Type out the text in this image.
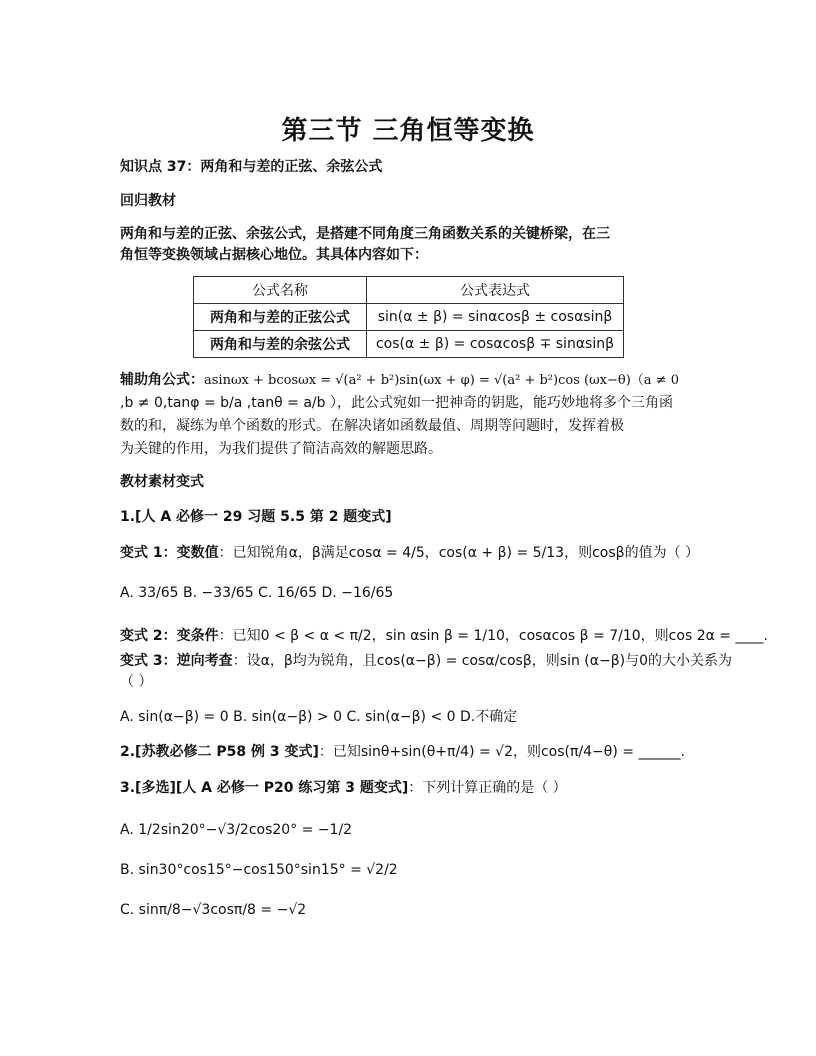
第三节 三角恒等变换
知识点 37：两角和与差的正弦、余弦公式
回归教材
两角和与差的正弦、余弦公式，是搭建不同角度三角函数关系的关键桥梁，在三
角恒等变换领域占据核心地位。其具体内容如下：
公式名称	公式表达式
两角和与差的正弦公式	sin(α ± β) = sinαcosβ ± cosαsinβ
两角和与差的余弦公式	cos(α ± β) = cosαcosβ ∓ sinαsinβ
辅助角公式：asinωx + bcosωx = √(a² + b²)sin(ωx + φ) = √(a² + b²)cos (ωx−θ)（a ≠ 0
,b ≠ 0,tanφ = b/a ,tanθ = a/b ），此公式宛如一把神奇的钥匙，能巧妙地将多个三角函
数的和，凝练为单个函数的形式。在解决诸如函数最值、周期等问题时，发挥着极
为关键的作用，为我们提供了简洁高效的解题思路。
教材素材变式
1.[人 A 必修一 29 习题 5.5 第 2 题变式]
变式 1：变数值：已知锐角α，β满足cosα = 4/5，cos(α + β) = 5/13，则cosβ的值为（ ）
A. 33/65 B. −33/65 C. 16/65 D. −16/65
变式 2：变条件：已知0 < β < α < π/2，sin αsin β = 1/10，cosαcos β = 7/10，则cos 2α = ____.
变式 3：逆向考查：设α，β均为锐角，且cos(α−β) = cosα/cosβ，则sin (α−β)与0的大小关系为
（ ）
A. sin(α−β) = 0 B. sin(α−β) > 0 C. sin(α−β) < 0 D.不确定
2.[苏教必修二 P58 例 3 变式]：已知sinθ+sin(θ+π/4) = √2，则cos(π/4−θ) = ______.
3.[多选][人 A 必修一 P20 练习第 3 题变式]：下列计算正确的是（ ）
A. 1/2sin20°−√3/2cos20° = −1/2
B. sin30°cos15°−cos150°sin15° = √2/2
C. sinπ/8−√3cosπ/8 = −√2
